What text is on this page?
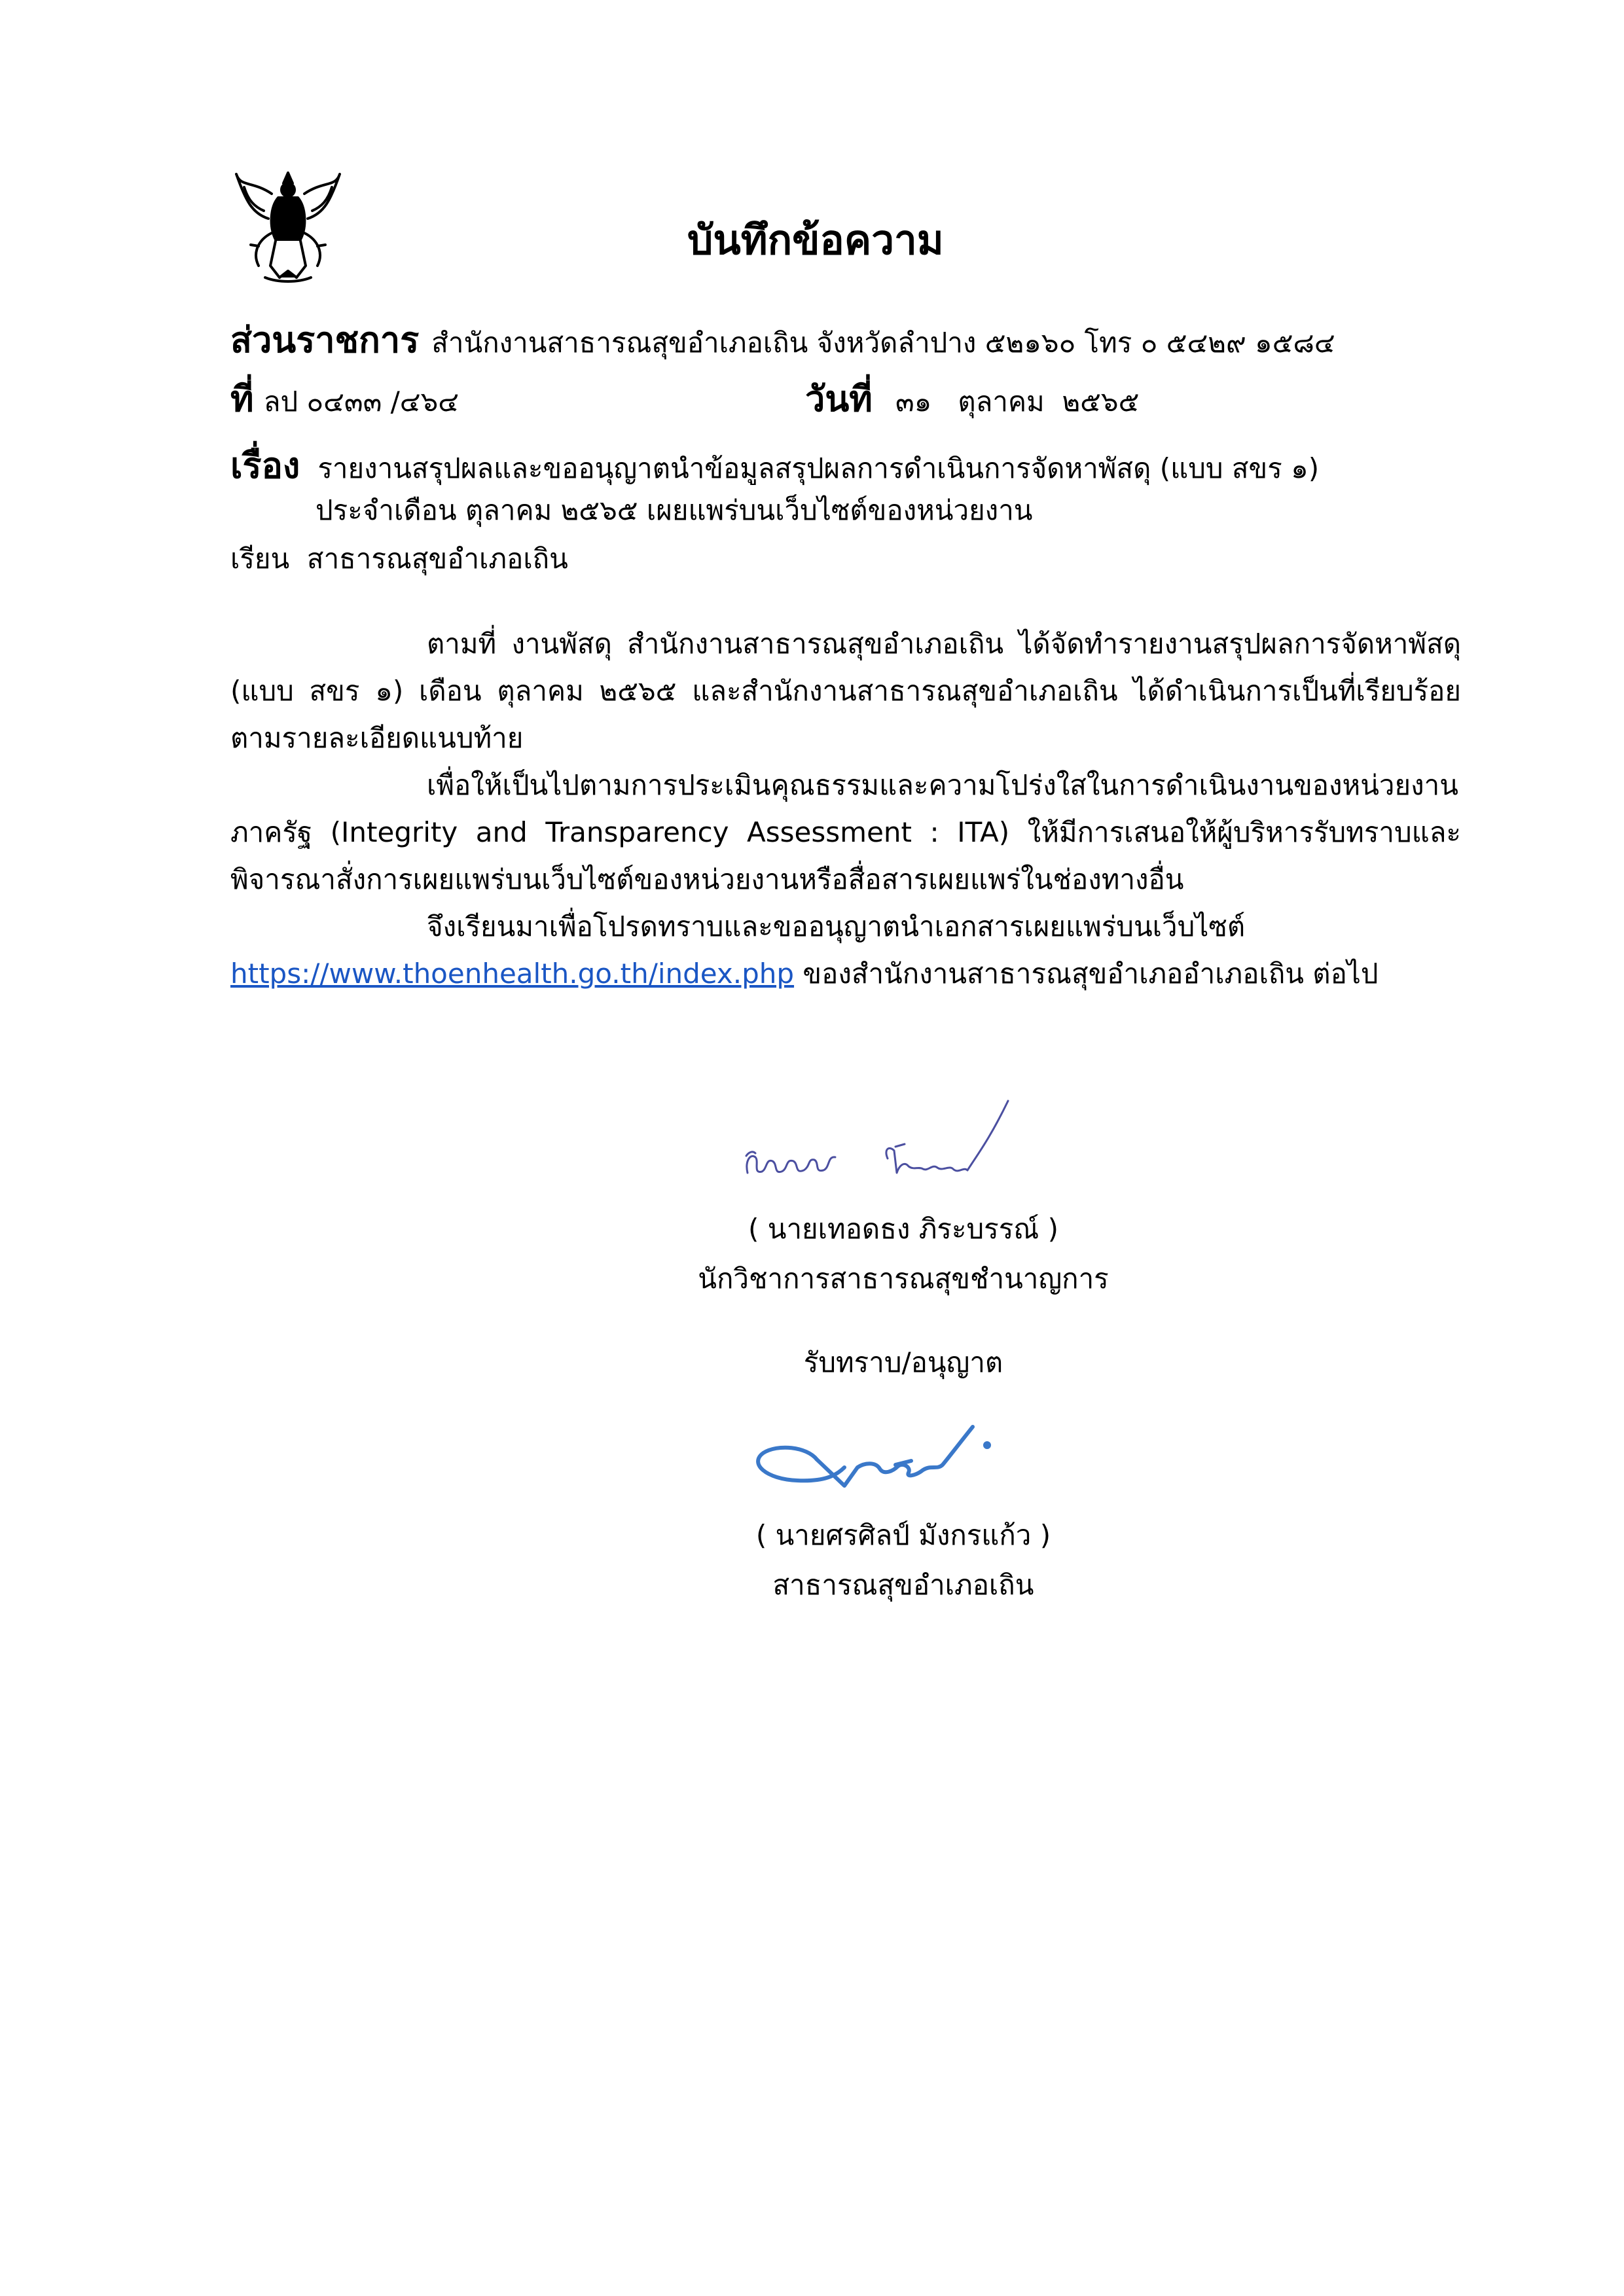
บันทึกข้อความ
ส่วนราชการ สำนักงานสาธารณสุขอำเภอเถิน จังหวัดลำปาง ๕๒๑๖๐ โทร ๐ ๕๔๒๙ ๑๕๘๔
ที่ ลป ๐๔๓๓ /๔๖๔	วันที่ ๓๑   ตุลาคม  ๒๕๖๕
เรื่อง รายงานสรุปผลและขออนุญาตนำข้อมูลสรุปผลการดำเนินการจัดหาพัสดุ (แบบ สขร ๑)
ประจำเดือน ตุลาคม ๒๕๖๕ เผยแพร่บนเว็บไซต์ของหน่วยงาน
เรียน  สาธารณสุขอำเภอเถิน
ตามที่ งานพัสดุ สำนักงานสาธารณสุขอำเภอเถิน ได้จัดทำรายงานสรุปผลการจัดหาพัสดุ (แบบ สขร ๑) เดือน ตุลาคม ๒๕๖๕ และสำนักงานสาธารณสุขอำเภอเถิน ได้ดำเนินการเป็นที่เรียบร้อยตามรายละเอียดแนบท้าย
เพื่อให้เป็นไปตามการประเมินคุณธรรมและความโปร่งใสในการดำเนินงานของหน่วยงานภาครัฐ (Integrity and Transparency Assessment : ITA) ให้มีการเสนอให้ผู้บริหารรับทราบและพิจารณาสั่งการเผยแพร่บนเว็บไซต์ของหน่วยงานหรือสื่อสารเผยแพร่ในช่องทางอื่น
จึงเรียนมาเพื่อโปรดทราบและขออนุญาตนำเอกสารเผยแพร่บนเว็บไซต์
https://www.thoenhealth.go.th/index.php ของสำนักงานสาธารณสุขอำเภออำเภอเถิน ต่อไป
( นายเทอดธง ภิระบรรณ์ )
นักวิชาการสาธารณสุขชำนาญการ
รับทราบ/อนุญาต
( นายศรศิลป์ มังกรแก้ว )
สาธารณสุขอำเภอเถิน
